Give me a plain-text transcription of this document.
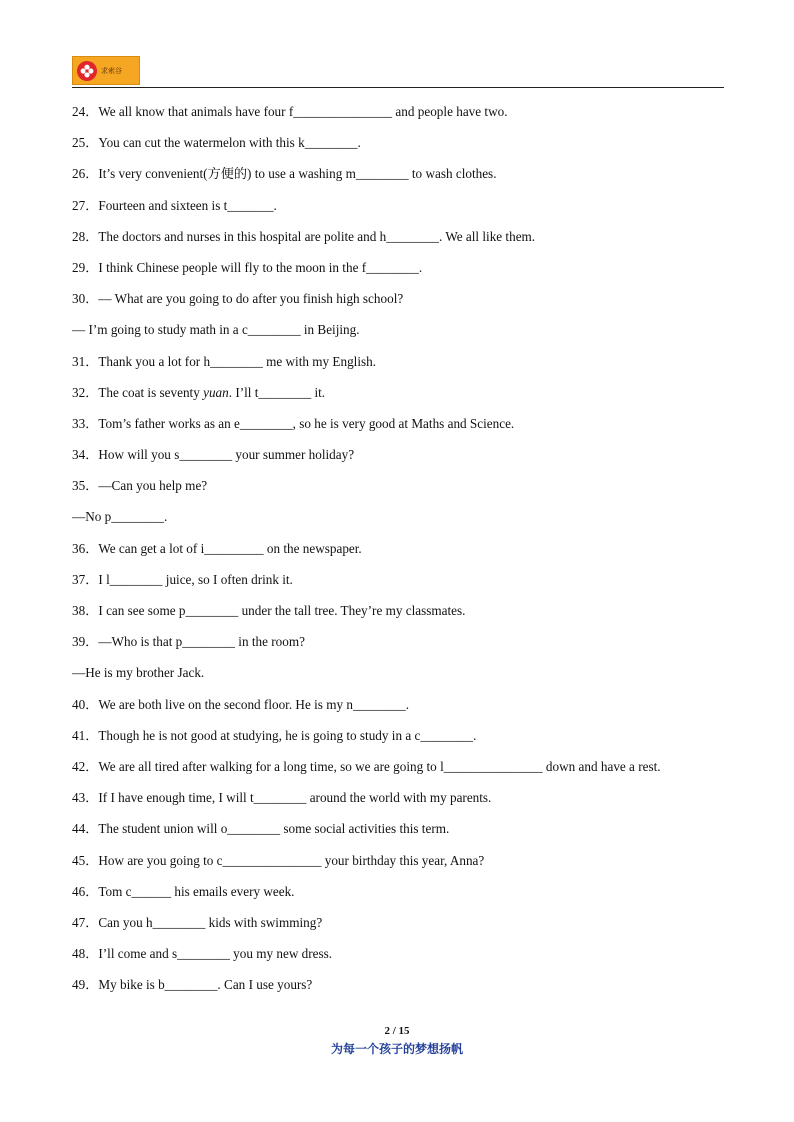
求索谷
24．We all know that animals have four f_______________ and people have two.
25．You can cut the watermelon with this k________.
26．It’s very convenient(方便的) to use a washing m________ to wash clothes.
27．Fourteen and sixteen is t_______.
28．The doctors and nurses in this hospital are polite and h________. We all like them.
29．I think Chinese people will fly to the moon in the f________.
30．— What are you going to do after you finish high school?
— I’m going to study math in a c________ in Beijing.
31．Thank you a lot for h________ me with my English.
32．The coat is seventy yuan. I’ll t________ it.
33．Tom’s father works as an e________, so he is very good at Maths and Science.
34．How will you s________ your summer holiday?
35．—Can you help me?
—No p________.
36．We can get a lot of i_________ on the newspaper.
37．I l________ juice, so I often drink it.
38．I can see some p________ under the tall tree. They’re my classmates.
39．—Who is that p________ in the room?
—He is my brother Jack.
40．We are both live on the second floor. He is my n________.
41．Though he is not good at studying, he is going to study in a c________.
42．We are all tired after walking for a long time, so we are going to l_______________ down and have a rest.
43．If I have enough time, I will t________ around the world with my parents.
44．The student union will o________ some social activities this term.
45．How are you going to c_______________ your birthday this year, Anna?
46．Tom c______ his emails every week.
47．Can you h________ kids with swimming?
48．I’ll come and s________ you my new dress.
49．My bike is b________. Can I use yours?
2 / 15
为每一个孩子的梦想扬帆
